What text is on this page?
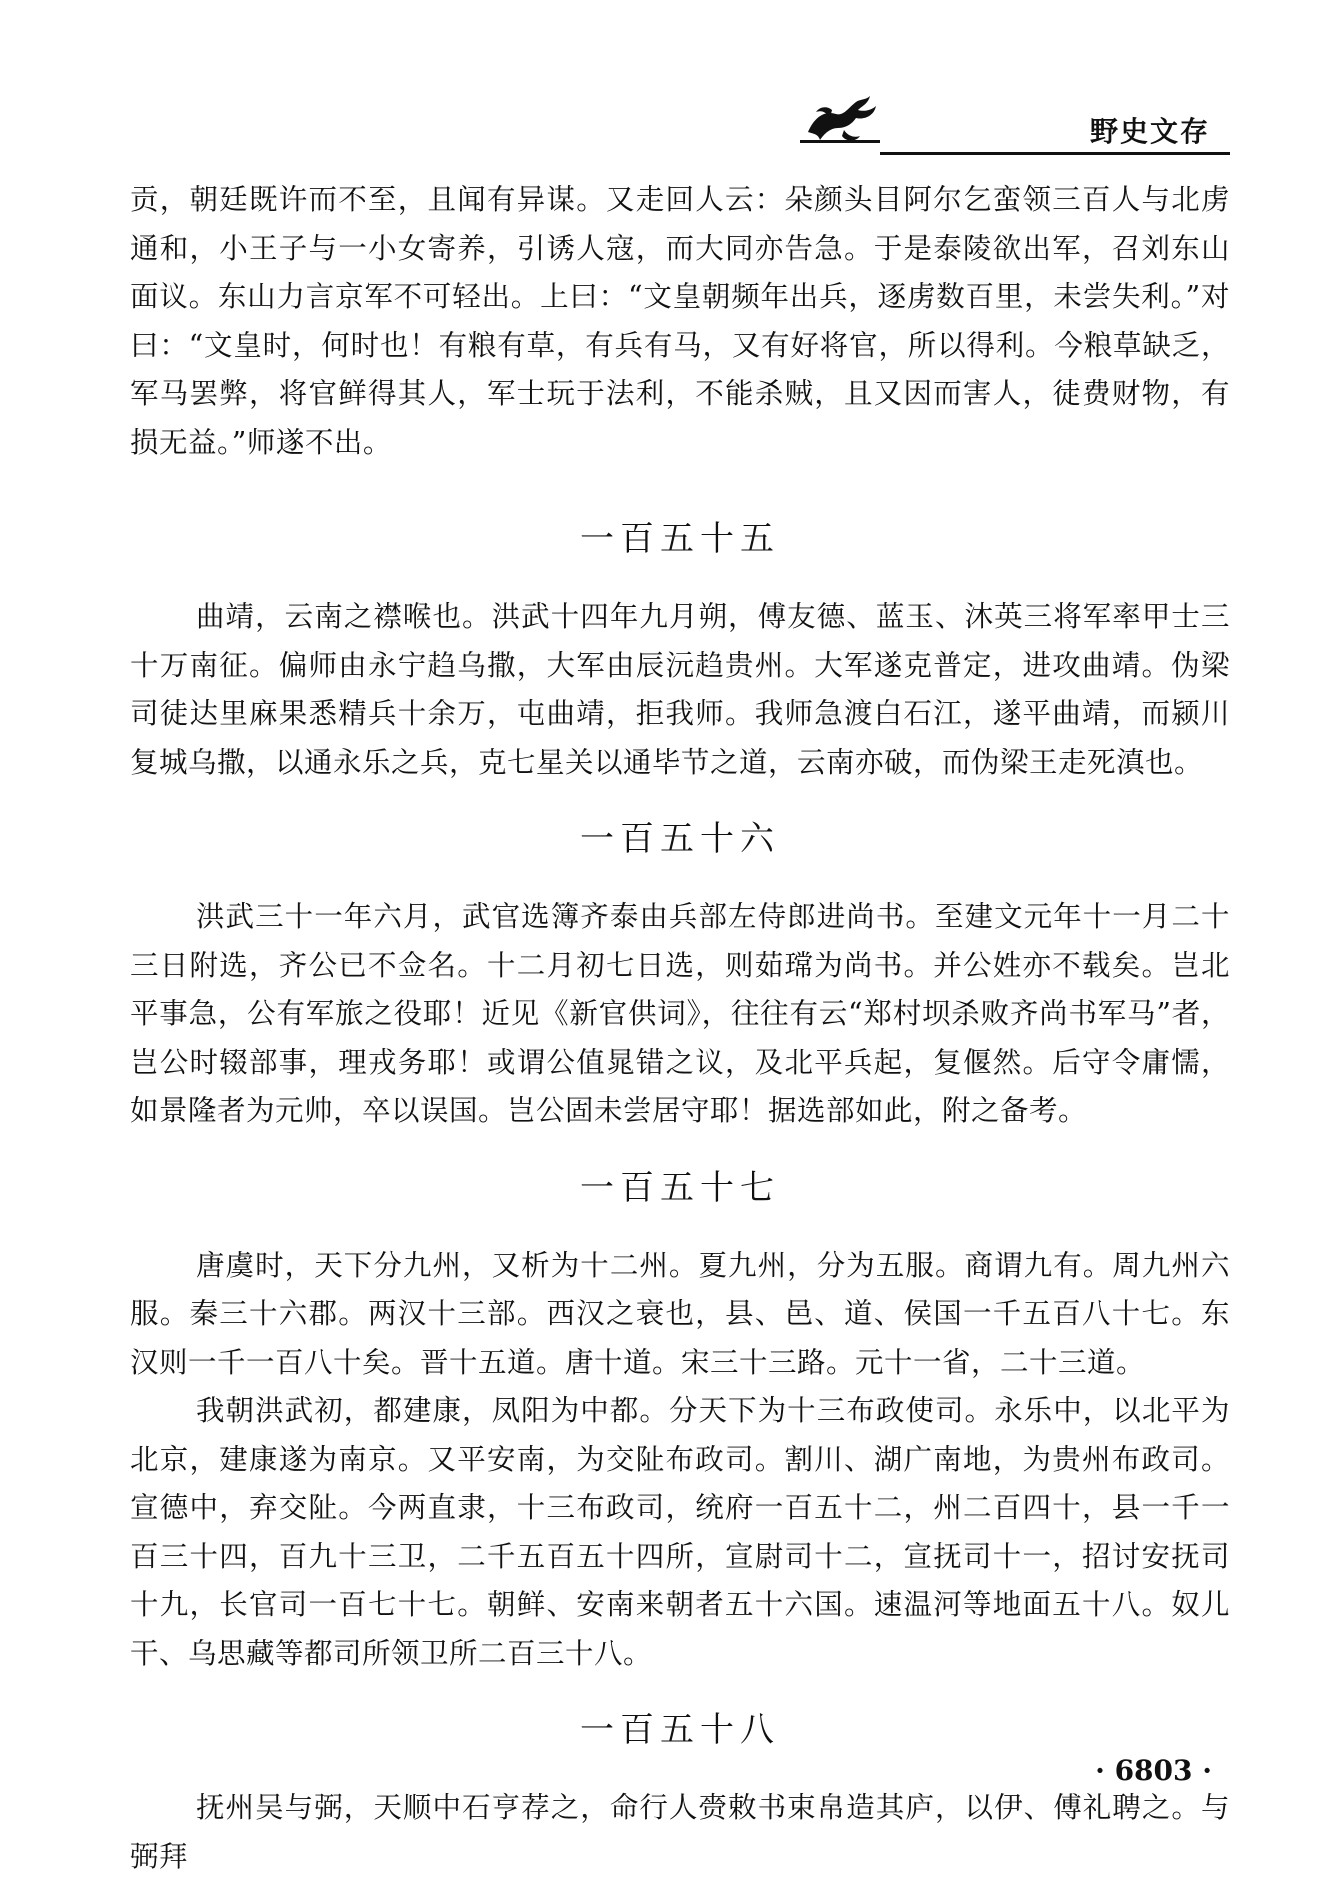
野史文存

贡，朝廷既许而不至，且闻有异谋。又走回人云：朵颜头目阿尔乞蛮领三百人与北虏通和，小王子与一小女寄养，引诱人寇，而大同亦告急。于是泰陵欲出军，召刘东山面议。东山力言京军不可轻出。上曰：“文皇朝频年出兵，逐虏数百里，未尝失利。”对曰：“文皇时，何时也！有粮有草，有兵有马，又有好将官，所以得利。今粮草缺乏，军马罢弊，将官鲜得其人，军士玩于法利，不能杀贼，且又因而害人，徒费财物，有损无益。”师遂不出。

一百五十五

曲靖，云南之襟喉也。洪武十四年九月朔，傅友德、蓝玉、沐英三将军率甲士三十万南征。偏师由永宁趋乌撒，大军由辰沅趋贵州。大军遂克普定，进攻曲靖。伪梁司徒达里麻果悉精兵十余万，屯曲靖，拒我师。我师急渡白石江，遂平曲靖，而颍川复城乌撒，以通永乐之兵，克七星关以通毕节之道，云南亦破，而伪梁王走死滇也。

一百五十六

洪武三十一年六月，武官选簿齐泰由兵部左侍郎进尚书。至建文元年十一月二十三日附选，齐公已不佥名。十二月初七日选，则茹瑺为尚书。并公姓亦不载矣。岂北平事急，公有军旅之役耶！近见《新官供词》，往往有云“郑村坝杀败齐尚书军马”者，岂公时辍部事，理戎务耶！或谓公值晁错之议，及北平兵起，复偃然。后守令庸懦，如景隆者为元帅，卒以误国。岂公固未尝居守耶！据选部如此，附之备考。

一百五十七

唐虞时，天下分九州，又析为十二州。夏九州，分为五服。商谓九有。周九州六服。秦三十六郡。两汉十三部。西汉之衰也，县、邑、道、侯国一千五百八十七。东汉则一千一百八十矣。晋十五道。唐十道。宋三十三路。元十一省，二十三道。

我朝洪武初，都建康，凤阳为中都。分天下为十三布政使司。永乐中，以北平为北京，建康遂为南京。又平安南，为交阯布政司。割川、湖广南地，为贵州布政司。宣德中，弃交阯。今两直隶，十三布政司，统府一百五十二，州二百四十，县一千一百三十四，百九十三卫，二千五百五十四所，宣尉司十二，宣抚司十一，招讨安抚司十九，长官司一百七十七。朝鲜、安南来朝者五十六国。速温河等地面五十八。奴儿干、乌思藏等都司所领卫所二百三十八。

一百五十八

抚州吴与弼，天顺中石亨荐之，命行人赍敕书束帛造其庐，以伊、傅礼聘之。与弼拜

· 6803 ·
